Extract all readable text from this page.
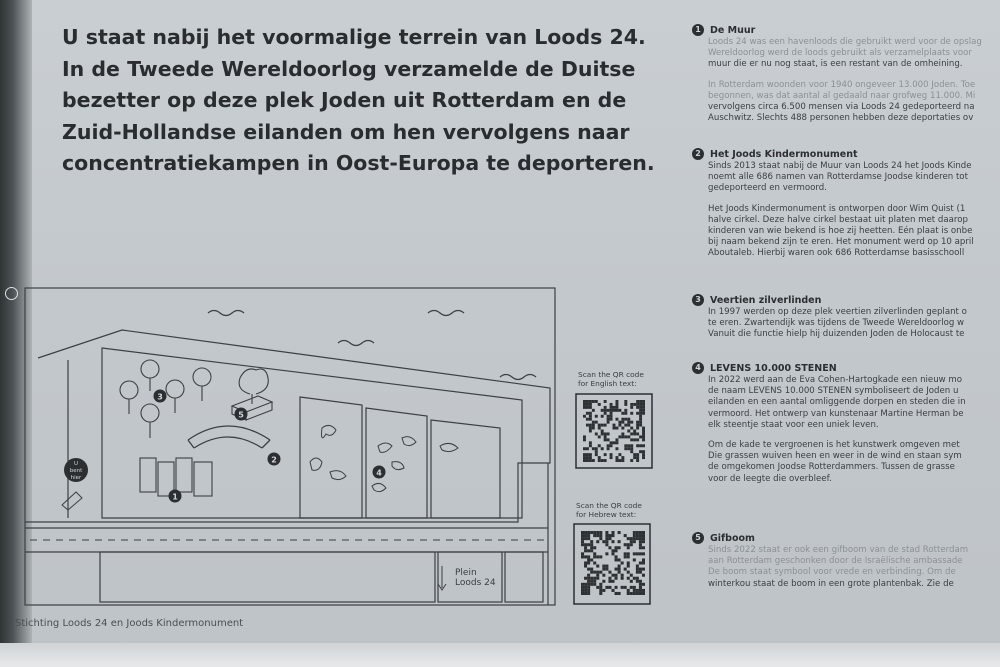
U staat nabij het voormalige terrein van Loods 24.
In de Tweede Wereldoorlog verzamelde de Duitse
bezetter op deze plek Joden uit Rotterdam en de
Zuid-Hollandse eilanden om hen vervolgens naar
concentratiekampen in Oost-Europa te deporteren.

1 De Muur

Loods 24 was een havenloods die gebruikt werd voor de opslag

Wereldoorlog werd de loods gebruikt als verzamelplaats voor

muur die er nu nog staat, is een restant van de omheining.

In Rotterdam woonden voor 1940 ongeveer 13.000 Joden. Toe

begonnen, was dat aantal al gedaald naar grofweg 11.000. Mi

vervolgens circa 6.500 mensen via Loods 24 gedeporteerd na

Auschwitz. Slechts 488 personen hebben deze deportaties ov

2 Het Joods Kindermonument

Sinds 2013 staat nabij de Muur van Loods 24 het Joods Kinde

noemt alle 686 namen van Rotterdamse Joodse kinderen tot

gedeporteerd en vermoord.

Het Joods Kindermonument is ontworpen door Wim Quist (1

halve cirkel. Deze halve cirkel bestaat uit platen met daarop

kinderen van wie bekend is hoe zij heetten. Eén plaat is onbe

bij naam bekend zijn te eren. Het monument werd op 10 april

Aboutaleb. Hierbij waren ook 686 Rotterdamse basisschooll

3 Veertien zilverlinden

In 1997 werden op deze plek veertien zilverlinden geplant o

te eren. Zwartendijk was tijdens de Tweede Wereldoorlog w

Vanuit die functie hielp hij duizenden Joden de Holocaust te

4 LEVENS 10.000 STENEN

In 2022 werd aan de Eva Cohen-Hartogkade een nieuw mo

de naam LEVENS 10.000 STENEN symboliseert de Joden u

eilanden en een aantal omliggende dorpen en steden die in

vermoord. Het ontwerp van kunstenaar Martine Herman be

elk steentje staat voor een uniek leven.

Om de kade te vergroenen is het kunstwerk omgeven met

Die grassen wuiven heen en weer in de wind en staan sym

de omgekomen Joodse Rotterdammers. Tussen de grasse

voor de leegte die overbleef.

5 Gifboom

Sinds 2022 staat er ook een gifboom van de stad Rotterdam

aan Rotterdam geschonken door de Israëlische ambassade

De boom staat symbool voor vrede en verbinding. Om de

winterkou staat de boom in een grote plantenbak. Zie de

3
5
2
1
4
U
bent
hier
Plein
Loods 24
Scan the QR code
for English text:
Scan the QR code
for Hebrew text:
Stichting Loods 24 en Joods Kindermonument
